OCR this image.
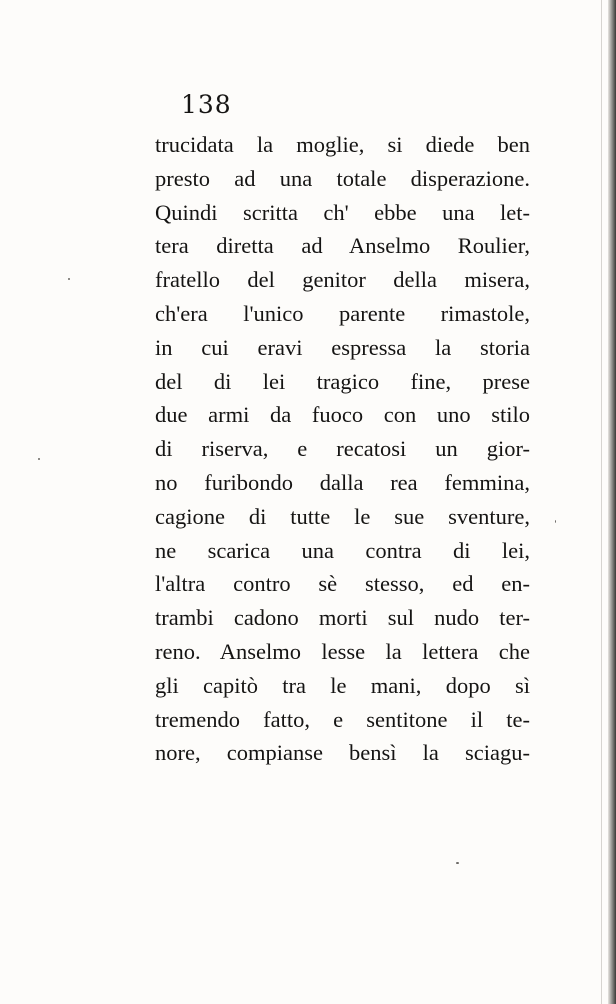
138
trucidata la moglie, si diede ben
presto ad una totale disperazione.
Quindi scritta ch' ebbe una let-
tera diretta ad Anselmo Roulier,
fratello del genitor della misera,
ch'era l'unico parente rimastole,
in cui eravi espressa la storia
del di lei tragico fine, prese
due armi da fuoco con uno stilo
di riserva, e recatosi un gior-
no furibondo dalla rea femmina,
cagione di tutte le sue sventure,
ne scarica una contra di lei,
l'altra contro sè stesso, ed en-
trambi cadono morti sul nudo ter-
reno. Anselmo lesse la lettera che
gli capitò tra le mani, dopo sì
tremendo fatto, e sentitone il te-
nore, compianse bensì la sciagu-
